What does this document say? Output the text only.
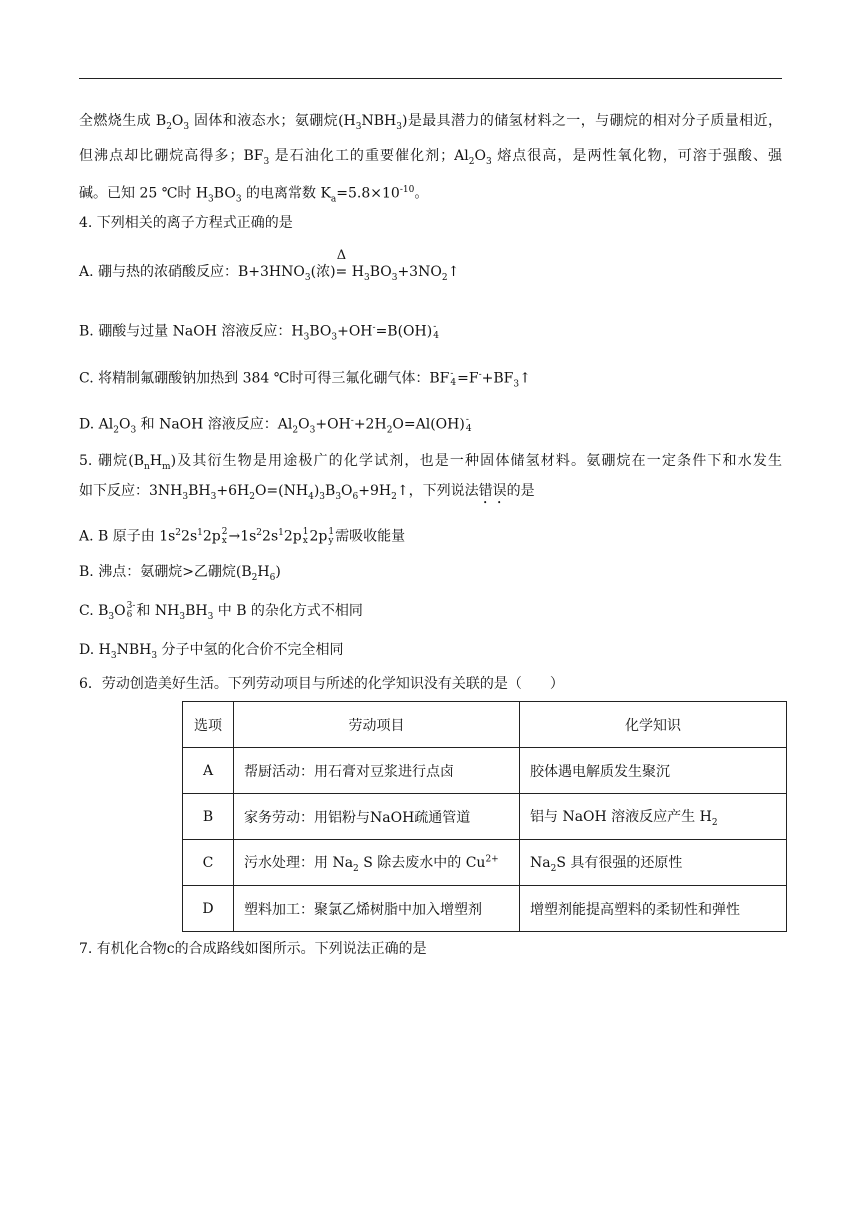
全燃烧生成 $B_2O_3$ 固体和液态水；氨硼烷$(H_3NBH_3)$是最具潜力的储氢材料之一，与硼烷的相对分子质量相近，
但沸点却比硼烷高得多；$BF_3$ 是石油化工的重要催化剂；$Al_2O_3$ 熔点很高，是两性氧化物，可溶于强酸、强
碱。已知 25 ℃时 $H_3BO_3$ 的电离常数 $K_a=5.8\times 10^{-10}$。
4. 下列相关的离子方程式正确的是
A. 硼与热的浓硝酸反应：$B+3HNO_3$(浓)
Δ
= $H_3BO_3+3NO_2↑$
B. 硼酸与过量 NaOH 溶液反应：$H_3BO_3+OH^-=B(OH)$ -
4
C. 将精制氟硼酸钠加热到 384 ℃时可得三氟化硼气体：BF -
$4 =F^-+BF_3↑$
D. $Al_2O_3$ 和 NaOH 溶液反应：$Al_2O_3+OH^-+2H_2O=Al(OH)$ -
4
5. 硼烷$(B_nH_m)$及其衍生物是用途极广的化学试剂，也是一种固体储氢材料。氨硼烷在一定条件下和水发生
如下反应：$3NH_3BH_3+6H_2O=(NH_4)_3B_3O_6+9H_2↑$，下列说法错误的是
A. B 原子由 $1s^22s^12p$ 2
$x \to 1s^22s^12p$ 1
x 2p 1
y 需吸收能量
B. 沸点：氨硼烷>乙硼烷$(B_2H_6)$
C. $B_3O$ 3-
6 和 $NH_3BH_3$ 中 B 的杂化方式不相同
D. $H_3NBH_3$ 分子中氢的化合价不完全相同
6．劳动创造美好生活。下列劳动项目与所述的化学知识没有关联的是（　　）
选项	劳动项目	化学知识
A	帮厨活动：用石膏对豆浆进行点卤	胶体遇电解质发生聚沉
B	家务劳动：用铝粉与NaOH疏通管道	铝与 NaOH 溶液反应产生 $H_2$
C	污水处理：用 $Na_2$ S 除去废水中的 $Cu^{2+}$	$Na_2S$ 具有很强的还原性
D	塑料加工：聚氯乙烯树脂中加入增塑剂	增塑剂能提高塑料的柔韧性和弹性
7. 有机化合物c的合成路线如图所示。下列说法正确的是
